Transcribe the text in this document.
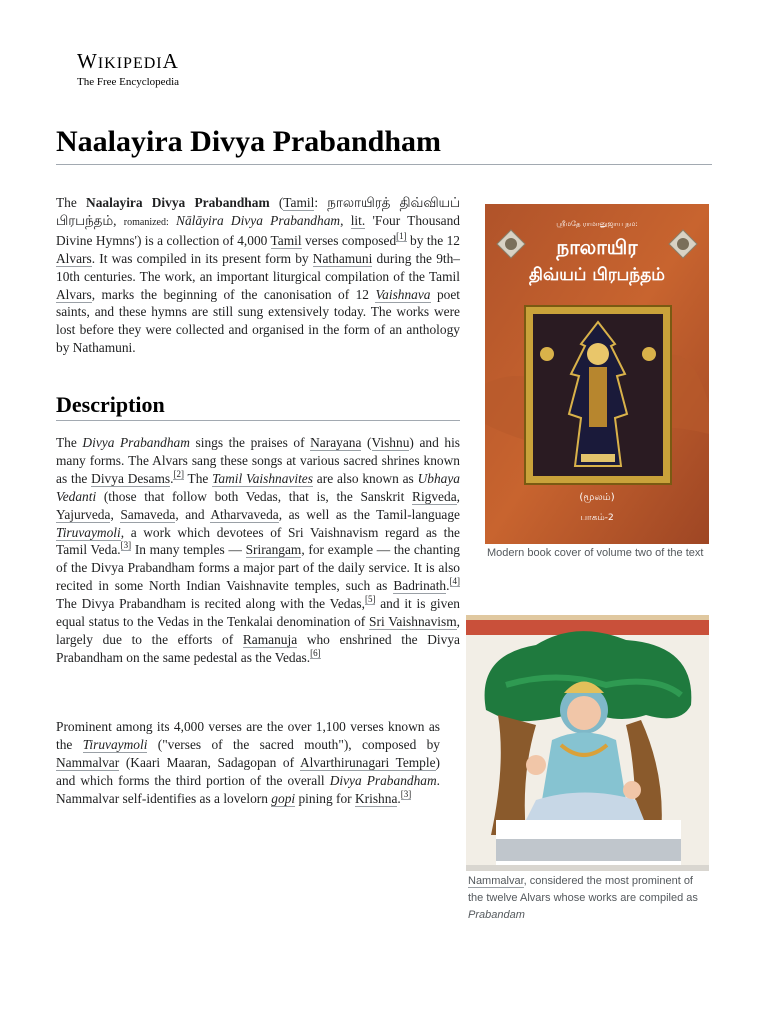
WIKIPEDIA
The Free Encyclopedia
Naalayira Divya Prabandham

The Naalayira Divya Prabandham (Tamil: நாலாயிரத் திவ்வியப் பிரபந்தம், romanized: Nālāyira Divya Prabandham, lit. 'Four Thousand Divine Hymns') is a collection of 4,000 Tamil verses composed[1] by the 12 Alvars. It was compiled in its present form by Nathamuni during the 9th–10th centuries. The work, an important liturgical compilation of the Tamil Alvars, marks the beginning of the canonisation of 12 Vaishnava poet saints, and these hymns are still sung extensively today. The works were lost before they were collected and organised in the form of an anthology by Nathamuni.

Description

The Divya Prabandham sings the praises of Narayana (Vishnu) and his many forms. The Alvars sang these songs at various sacred shrines known as the Divya Desams.[2] The Tamil Vaishnavites are also known as Ubhaya Vedanti (those that follow both Vedas, that is, the Sanskrit Rigveda, Yajurveda, Samaveda, and Atharvaveda, as well as the Tamil-language Tiruvaymoli, a work which devotees of Sri Vaishnavism regard as the Tamil Veda.[3] In many temples — Srirangam, for example — the chanting of the Divya Prabandham forms a major part of the daily service. It is also recited in some North Indian Vaishnavite temples, such as Badrinath.[4] The Divya Prabandham is recited along with the Vedas,[5] and it is given equal status to the Vedas in the Tenkalai denomination of Sri Vaishnavism, largely due to the efforts of Ramanuja who enshrined the Divya Prabandham on the same pedestal as the Vedas.[6]

Prominent among its 4,000 verses are the over 1,100 verses known as the Tiruvaymoli ("verses of the sacred mouth"), composed by Nammalvar (Kaari Maaran, Sadagopan of Alvarthirunagari Temple) and which forms the third portion of the overall Divya Prabandham. Nammalvar self-identifies as a lovelorn gopi pining for Krishna.[3]

ஸ்ரீமதே ராமானுஜாய நம:
நாலாயிர
திவ்யப் பிரபந்தம்
(மூலம்)
பாகம்-2
Modern book cover of volume two of the text
Nammalvar, considered the most prominent of the twelve Alvars whose works are compiled as Prabandam
